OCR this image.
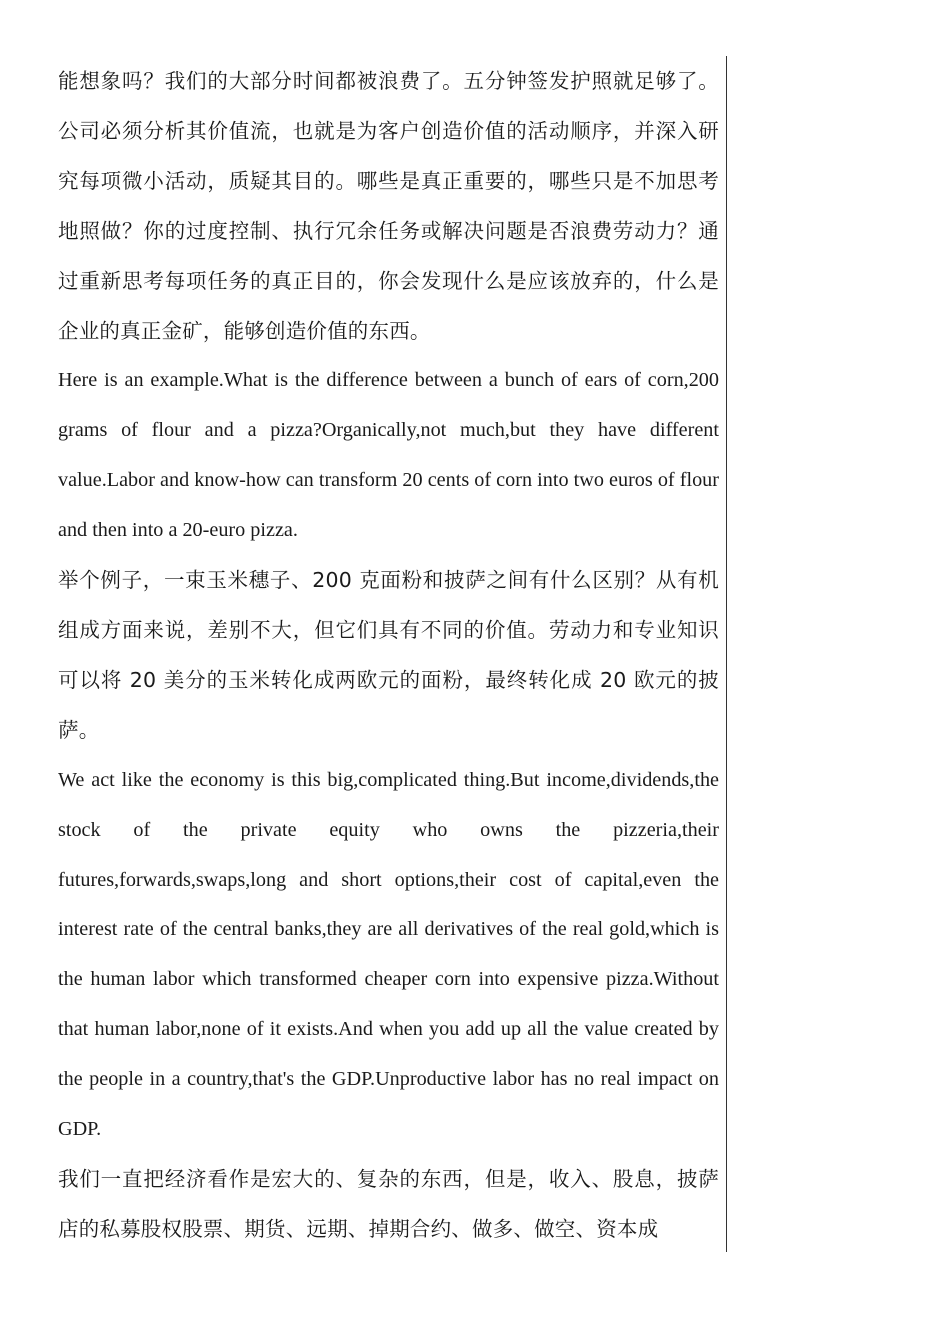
能想象吗？我们的大部分时间都被浪费了。五分钟签发护照就足够了。公司必须分析其价值流，也就是为客户创造价值的活动顺序，并深入研究每项微小活动，质疑其目的。哪些是真正重要的，哪些只是不加思考地照做？你的过度控制、执行冗余任务或解决问题是否浪费劳动力？通过重新思考每项任务的真正目的，你会发现什么是应该放弃的，什么是企业的真正金矿，能够创造价值的东西。

Here is an example.What is the difference between a bunch of ears of corn,200 grams of flour and a pizza?Organically,not much,but they have different value.Labor and know-how can transform 20 cents of corn into two euros of flour and then into a 20-euro pizza.

举个例子，一束玉米穗子、200 克面粉和披萨之间有什么区别？从有机组成方面来说，差别不大，但它们具有不同的价值。劳动力和专业知识可以将 20 美分的玉米转化成两欧元的面粉，最终转化成 20 欧元的披萨。

We act like the economy is this big,complicated thing.But income,dividends,the stock of the private equity who owns the pizzeria,their futures,forwards,swaps,long and short options,their cost of capital,even the interest rate of the central banks,they are all derivatives of the real gold,which is the human labor which transformed cheaper corn into expensive pizza.Without that human labor,none of it exists.And when you add up all the value created by the people in a country,that's the GDP.Unproductive labor has no real impact on GDP.

我们一直把经济看作是宏大的、复杂的东西，但是，收入、股息，披萨店的私募股权股票、期货、远期、掉期合约、做多、做空、资本成
